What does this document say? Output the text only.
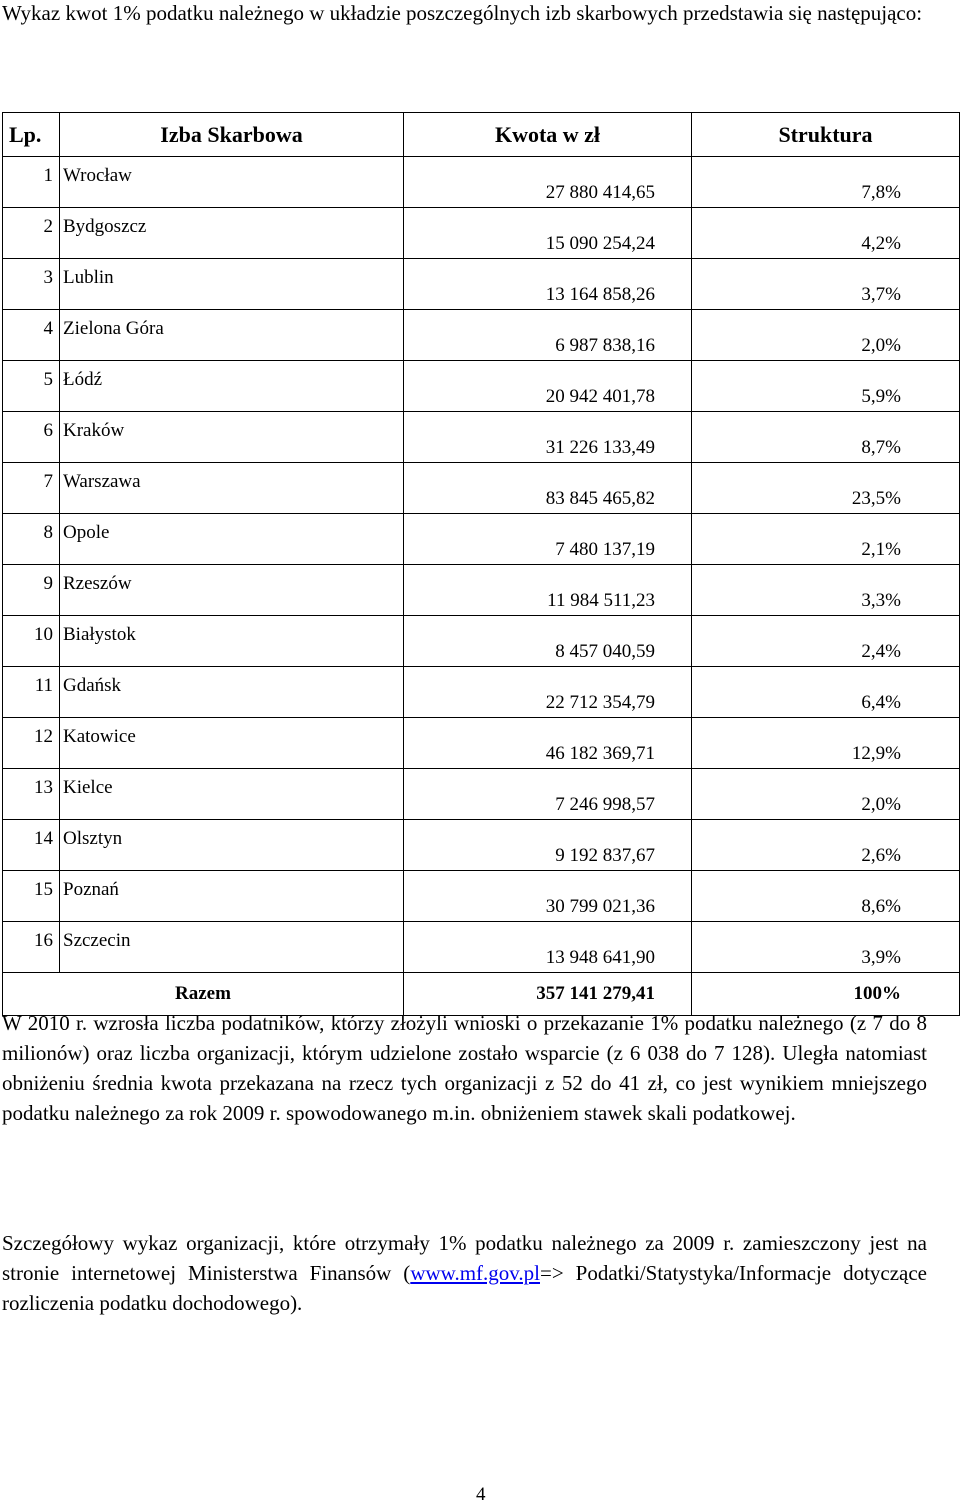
Wykaz kwot 1% podatku należnego w układzie poszczególnych izb skarbowych przedstawia się następująco:

Lp.	Izba Skarbowa	Kwota w zł	Struktura
1	Wrocław	27 880 414,65	7,8%
2	Bydgoszcz	15 090 254,24	4,2%
3	Lublin	13 164 858,26	3,7%
4	Zielona Góra	6 987 838,16	2,0%
5	Łódź	20 942 401,78	5,9%
6	Kraków	31 226 133,49	8,7%
7	Warszawa	83 845 465,82	23,5%
8	Opole	7 480 137,19	2,1%
9	Rzeszów	11 984 511,23	3,3%
10	Białystok	8 457 040,59	2,4%
11	Gdańsk	22 712 354,79	6,4%
12	Katowice	46 182 369,71	12,9%
13	Kielce	7 246 998,57	2,0%
14	Olsztyn	9 192 837,67	2,6%
15	Poznań	30 799 021,36	8,6%
16	Szczecin	13 948 641,90	3,9%
Razem		357 141 279,41	100%

W 2010 r. wzrosła liczba podatników, którzy złożyli wnioski o przekazanie 1% podatku należnego (z 7 do 8 milionów) oraz liczba organizacji, którym udzielone zostało wsparcie (z 6 038 do 7 128). Uległa natomiast obniżeniu średnia kwota przekazana na rzecz tych organizacji z 52 do 41 zł, co jest wynikiem mniejszego podatku należnego za rok 2009 r. spowodowanego m.in. obniżeniem stawek skali podatkowej.

Szczegółowy wykaz organizacji, które otrzymały 1% podatku należnego za 2009 r. zamieszczony jest na stronie internetowej Ministerstwa Finansów (www.mf.gov.pl=> Podatki/Statystyka/Informacje dotyczące rozliczenia podatku dochodowego).

4
